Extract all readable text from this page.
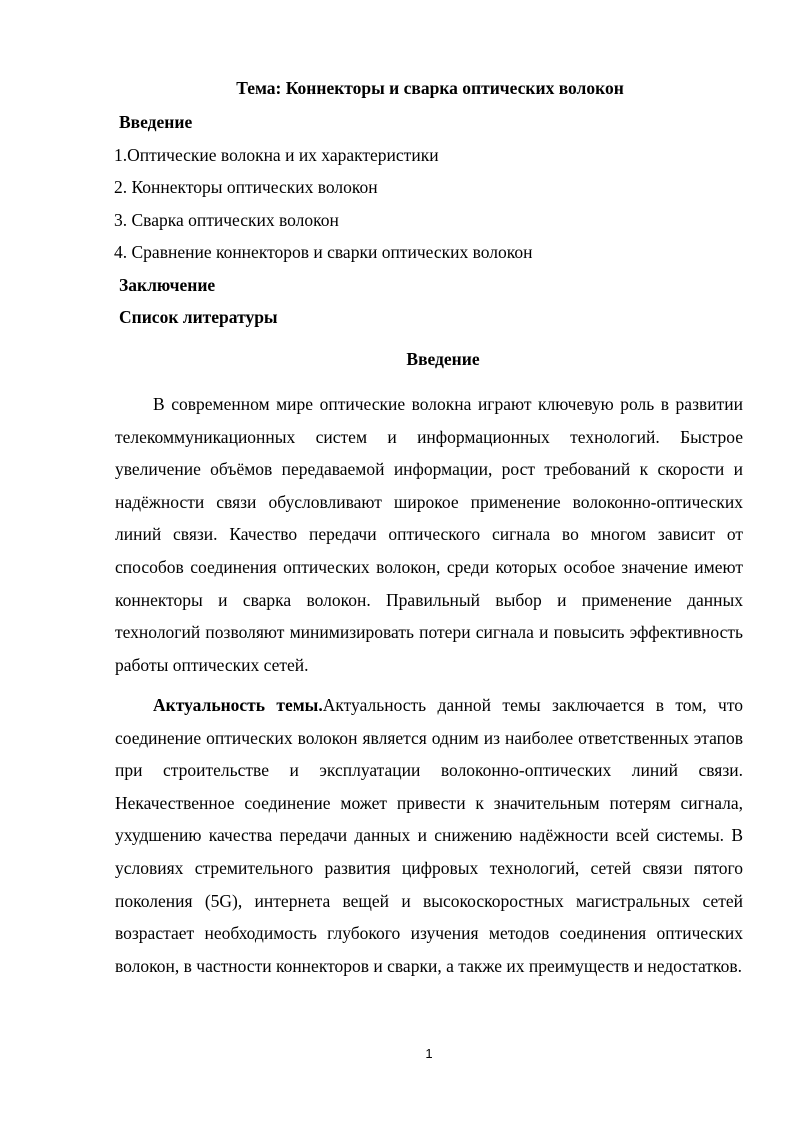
Тема: Коннекторы и сварка оптических волокон
Введение
1.Оптические волокна и их характеристики
2. Коннекторы оптических волокон
3. Сварка оптических волокон
4. Сравнение коннекторов и сварки оптических волокон
Заключение
Список литературы
Введение

В современном мире оптические волокна играют ключевую роль в развитии телекоммуникационных систем и информационных технологий. Быстрое увеличение объёмов передаваемой информации, рост требований к скорости и надёжности связи обусловливают широкое применение волоконно-оптических линий связи. Качество передачи оптического сигнала во многом зависит от способов соединения оптических волокон, среди которых особое значение имеют коннекторы и сварка волокон. Правильный выбор и применение данных технологий позволяют минимизировать потери сигнала и повысить эффективность работы оптических сетей.

Актуальность темы.Актуальность данной темы заключается в том, что соединение оптических волокон является одним из наиболее ответственных этапов при строительстве и эксплуатации волоконно-оптических линий связи. Некачественное соединение может привести к значительным потерям сигнала, ухудшению качества передачи данных и снижению надёжности всей системы. В условиях стремительного развития цифровых технологий, сетей связи пятого поколения (5G), интернета вещей и высокоскоростных магистральных сетей возрастает необходимость глубокого изучения методов соединения оптических волокон, в частности коннекторов и сварки, а также их преимуществ и недостатков.

1
